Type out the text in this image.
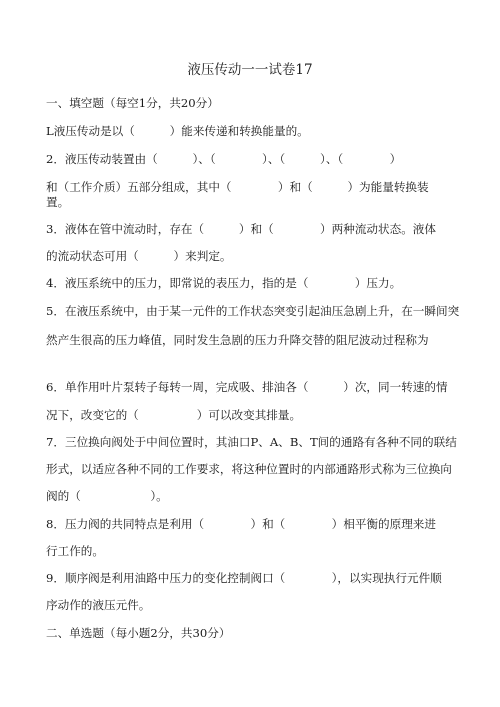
液压传动一一试卷17
一、填空题（每空1分，共20分）
L液压传动是以（　　　）能来传递和转换能量的。
2．液压传动装置由（　　　）、（　　　　）、（　　　）、（　　　　）
和（工作介质）五部分组成，其中（　　　　）和（　　　）为能量转换装
置。
3．液体在管中流动时，存在（　　　）和（　　　　）两种流动状态。液体
的流动状态可用（　　　）来判定。
4．液压系统中的压力，即常说的表压力，指的是（　　　　）压力。
5．在液压系统中，由于某一元件的工作状态突变引起油压急剧上升，在一瞬间突
然产生很高的压力峰值，同时发生急剧的压力升降交替的阻尼波动过程称为
6．单作用叶片泵转子每转一周，完成吸、排油各（　　　）次，同一转速的情
况下，改变它的（　　　　　）可以改变其排量。
7．三位换向阀处于中间位置时，其油口P、A、B、T间的通路有各种不同的联结
形式，以适应各种不同的工作要求，将这种位置时的内部通路形式称为三位换向
阀的（　　　　　　）。
8．压力阀的共同特点是利用（　　　　）和（　　　　）相平衡的原理来进
行工作的。
9．顺序阀是利用油路中压力的变化控制阀口（　　　　），以实现执行元件顺
序动作的液压元件。
二、单选题（每小题2分，共30分）
